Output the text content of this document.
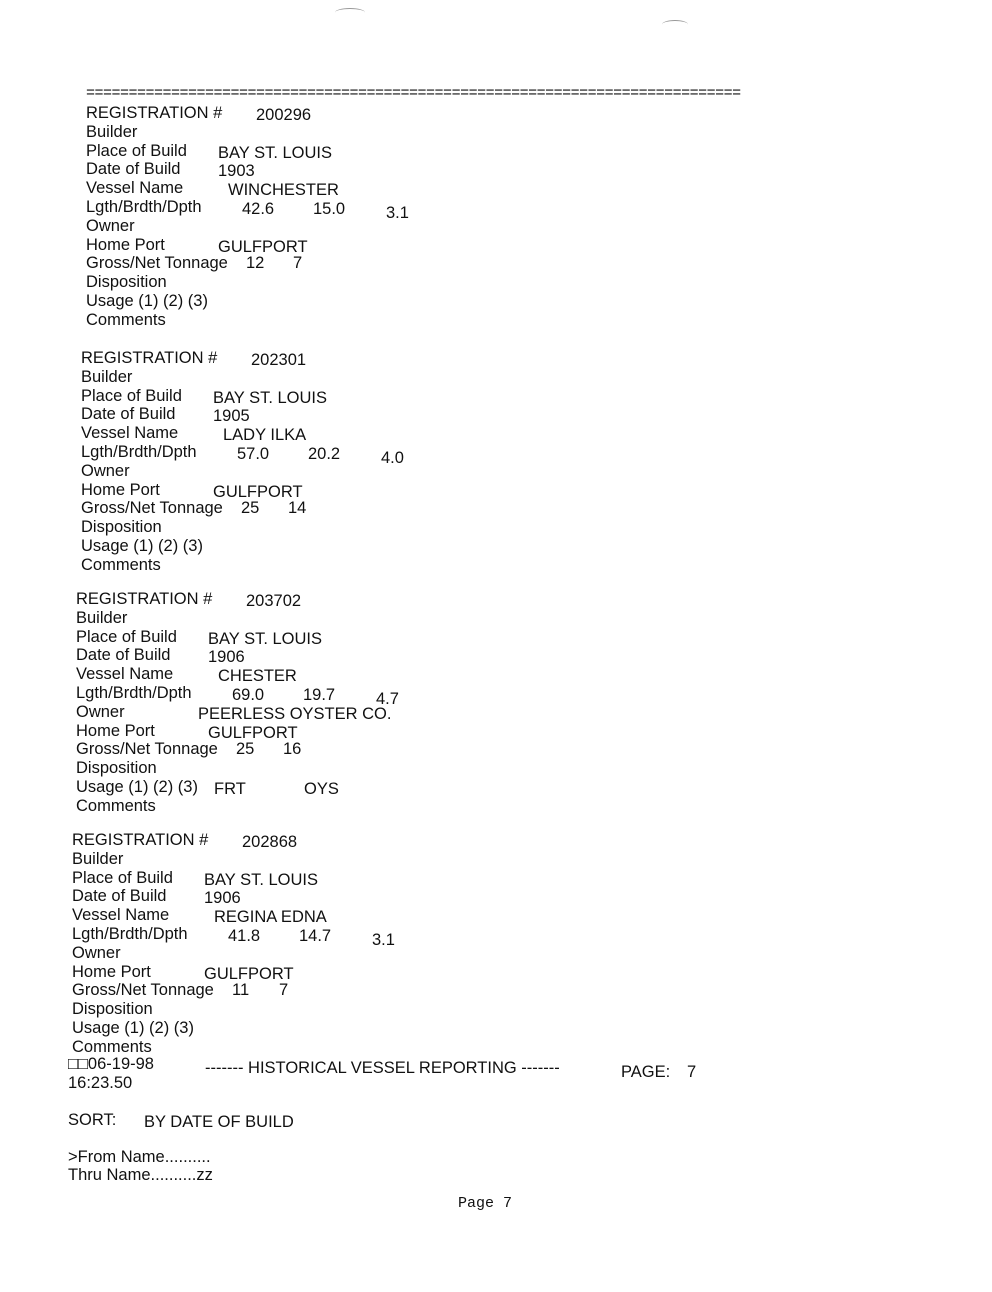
=============================================================================
REGISTRATION # 200296
Builder
Place of Build BAY ST. LOUIS
Date of Build 1903
Vessel Name	WINCHESTER
Lgth/Brdth/Dpth 42.6 15.0 3.1
Owner
Home Port	GULFPORT
Gross/Net Tonnage 12 7
Disposition
Usage (1) (2) (3)
Comments
REGISTRATION # 202301
Builder
Place of Build BAY ST. LOUIS
Date of Build 1905
Vessel Name	LADY ILKA
Lgth/Brdth/Dpth 57.0 20.2 4.0
Owner
Home Port	GULFPORT
Gross/Net Tonnage 25 14
Disposition
Usage (1) (2) (3)
Comments
REGISTRATION # 203702
Builder
Place of Build BAY ST. LOUIS
Date of Build 1906
Vessel Name	CHESTER
Lgth/Brdth/Dpth 69.0 19.7 4.7
Owner	PEERLESS OYSTER CO.
Home Port	GULFPORT
Gross/Net Tonnage 25 16
Disposition
Usage (1) (2) (3) FRT	OYS
Comments
REGISTRATION # 202868
Builder
Place of Build BAY ST. LOUIS
Date of Build 1906
Vessel Name	REGINA EDNA
Lgth/Brdth/Dpth 41.8 14.7 3.1
Owner
Home Port	GULFPORT
Gross/Net Tonnage 11 7
Disposition
Usage (1) (2) (3)
Comments
□□06-19-98
16:23.50
------- HISTORICAL VESSEL REPORTING -------	PAGE: 7
SORT: BY DATE OF BUILD
>From Name..........
Thru Name..........zz
Page 7
